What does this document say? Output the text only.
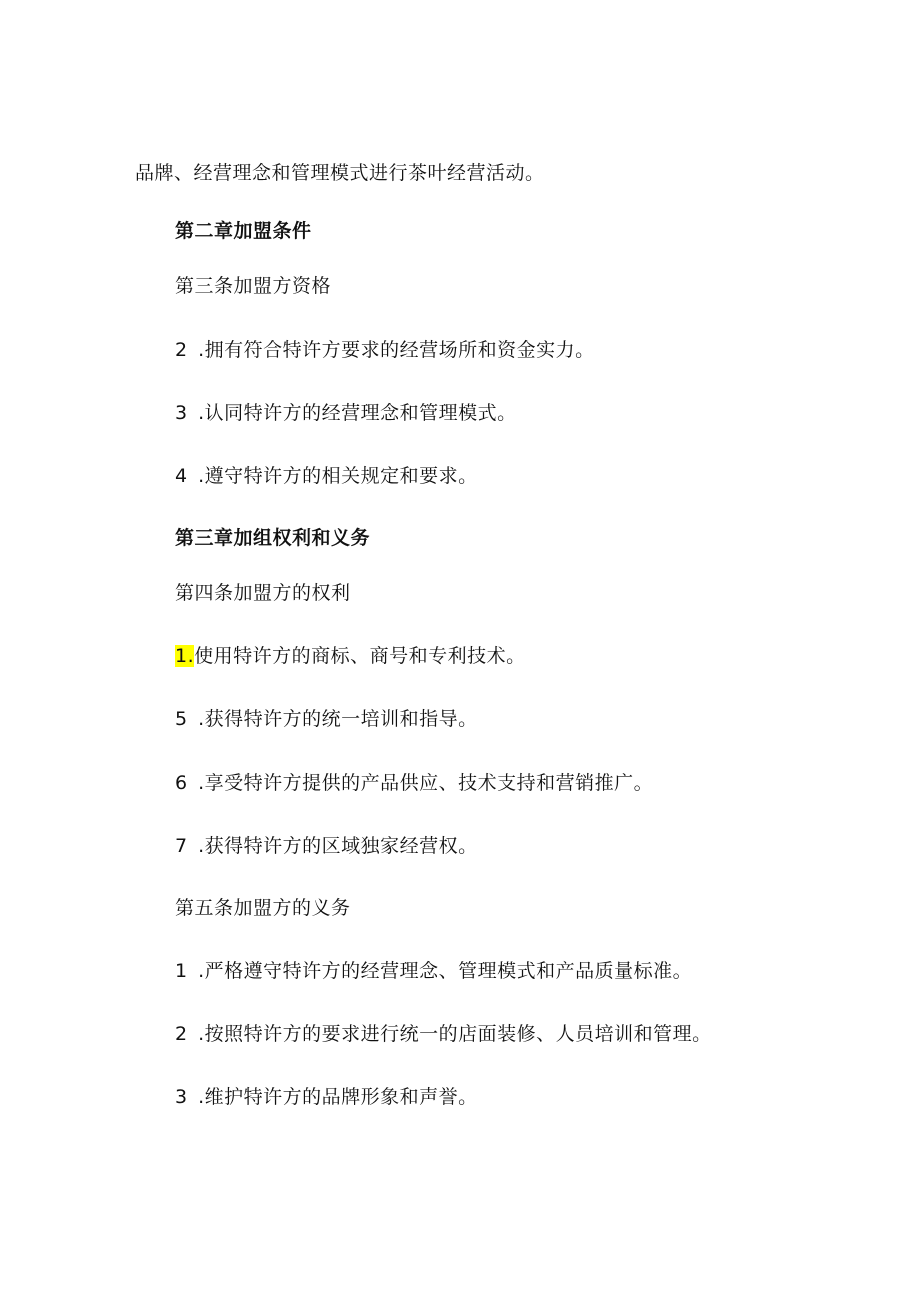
品牌、经营理念和管理模式进行茶叶经营活动。
第二章加盟条件
第三条加盟方资格
2 .拥有符合特许方要求的经营场所和资金实力。
3 .认同特许方的经营理念和管理模式。
4 .遵守特许方的相关规定和要求。
第三章加组权利和义务
第四条加盟方的权利
1.使用特许方的商标、商号和专利技术。
5 .获得特许方的统一培训和指导。
6 .享受特许方提供的产品供应、技术支持和营销推广。
7 .获得特许方的区域独家经营权。
第五条加盟方的义务
1 .严格遵守特许方的经营理念、管理模式和产品质量标准。
2 .按照特许方的要求进行统一的店面装修、人员培训和管理。
3 .维护特许方的品牌形象和声誉。
